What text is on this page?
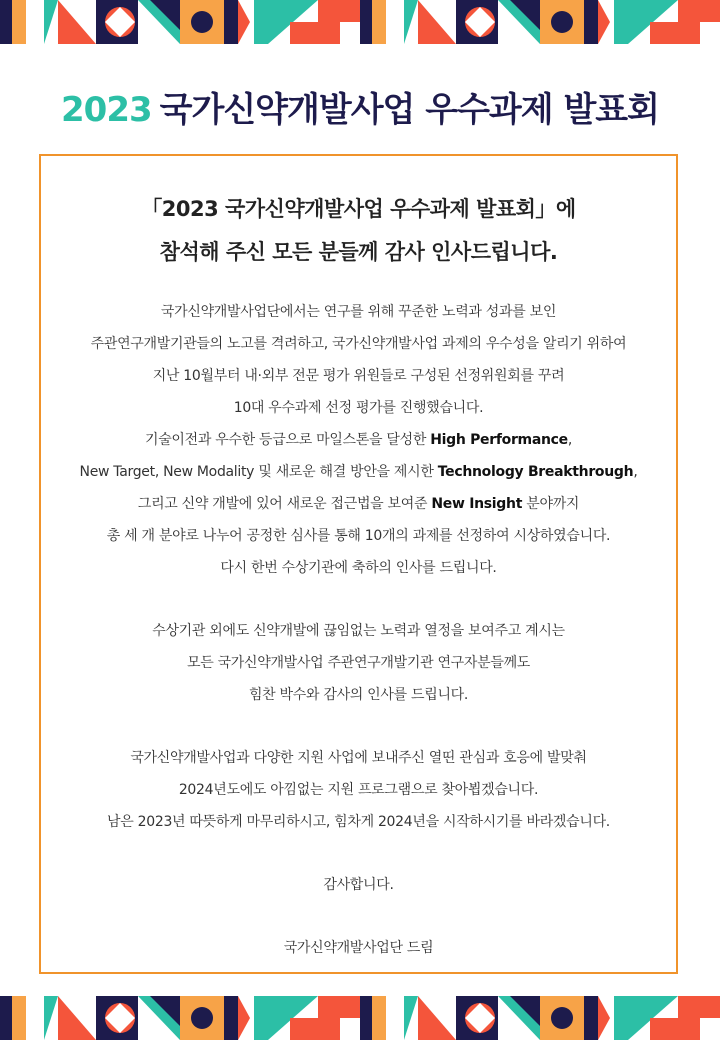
2023 국가신약개발사업 우수과제 발표회
「2023 국가신약개발사업 우수과제 발표회」에
참석해 주신 모든 분들께 감사 인사드립니다.
국가신약개발사업단에서는 연구를 위해 꾸준한 노력과 성과를 보인
주관연구개발기관들의 노고를 격려하고, 국가신약개발사업 과제의 우수성을 알리기 위하여
지난 10월부터 내·외부 전문 평가 위원들로 구성된 선정위원회를 꾸려
10대 우수과제 선정 평가를 진행했습니다.
기술이전과 우수한 등급으로 마일스톤을 달성한 High Performance,
New Target, New Modality 및 새로운 해결 방안을 제시한 Technology Breakthrough,
그리고 신약 개발에 있어 새로운 접근법을 보여준 New Insight 분야까지
총 세 개 분야로 나누어 공정한 심사를 통해 10개의 과제를 선정하여 시상하였습니다.
다시 한번 수상기관에 축하의 인사를 드립니다.
수상기관 외에도 신약개발에 끊임없는 노력과 열정을 보여주고 계시는
모든 국가신약개발사업 주관연구개발기관 연구자분들께도
힘찬 박수와 감사의 인사를 드립니다.
국가신약개발사업과 다양한 지원 사업에 보내주신 열띤 관심과 호응에 발맞춰
2024년도에도 아낌없는 지원 프로그램으로 찾아뵙겠습니다.
남은 2023년 따뜻하게 마무리하시고, 힘차게 2024년을 시작하시기를 바라겠습니다.
감사합니다.
국가신약개발사업단 드림
